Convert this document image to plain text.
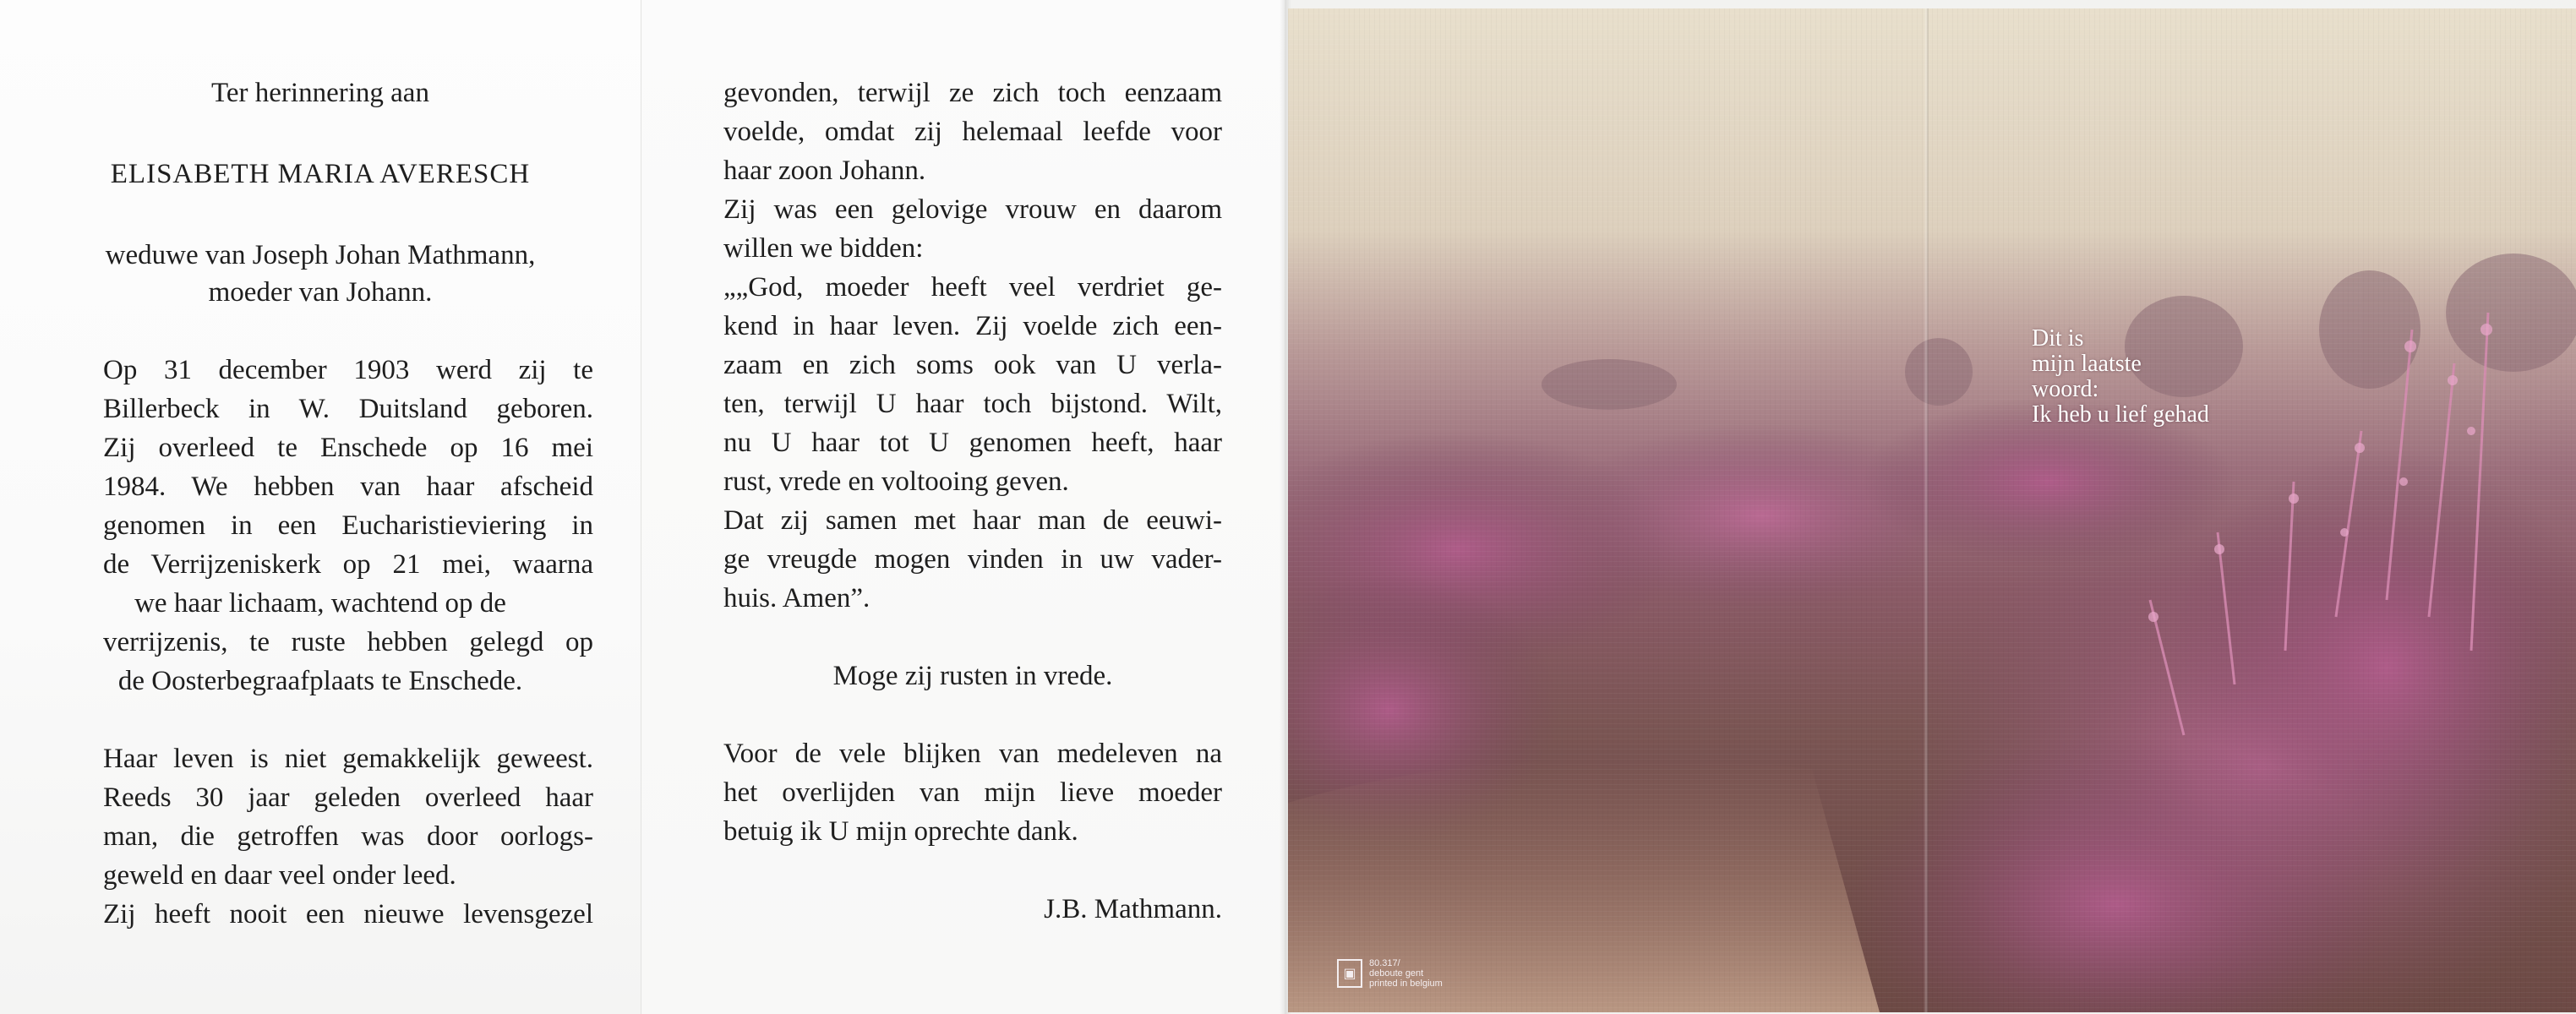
Ter herinnering aan
ELISABETH MARIA AVERESCH
weduwe van Joseph Johan Mathmann,
moeder van Johann.
Op 31 december 1903 werd zij te
Billerbeck in W. Duitsland geboren.
Zij overleed te Enschede op 16 mei
1984. We hebben van haar afscheid
genomen in een Eucharistieviering in
de Verrijzeniskerk op 21 mei, waarna
we haar lichaam, wachtend op de
verrijzenis, te ruste hebben gelegd op
de Oosterbegraafplaats te Enschede.
Haar leven is niet gemakkelijk geweest.
Reeds 30 jaar geleden overleed haar
man, die getroffen was door oorlogs-
geweld en daar veel onder leed.
Zij heeft nooit een nieuwe levensgezel
gevonden, terwijl ze zich toch eenzaam
voelde, omdat zij helemaal leefde voor
haar zoon Johann.
Zij was een gelovige vrouw en daarom
willen we bidden:
„„God, moeder heeft veel verdriet ge-
kend in haar leven. Zij voelde zich een-
zaam en zich soms ook van U verla-
ten, terwijl U haar toch bijstond. Wilt,
nu U haar tot U genomen heeft, haar
rust, vrede en voltooing geven.
Dat zij samen met haar man de eeuwi-
ge vreugde mogen vinden in uw vader-
huis. Amen”.
Moge zij rusten in vrede.
Voor de vele blijken van medeleven na
het overlijden van mijn lieve moeder
betuig ik U mijn oprechte dank.
J.B. Mathmann.
Dit is
mijn laatste
woord:
Ik heb u lief gehad
▣
80.317/
deboute gent
printed in belgium
